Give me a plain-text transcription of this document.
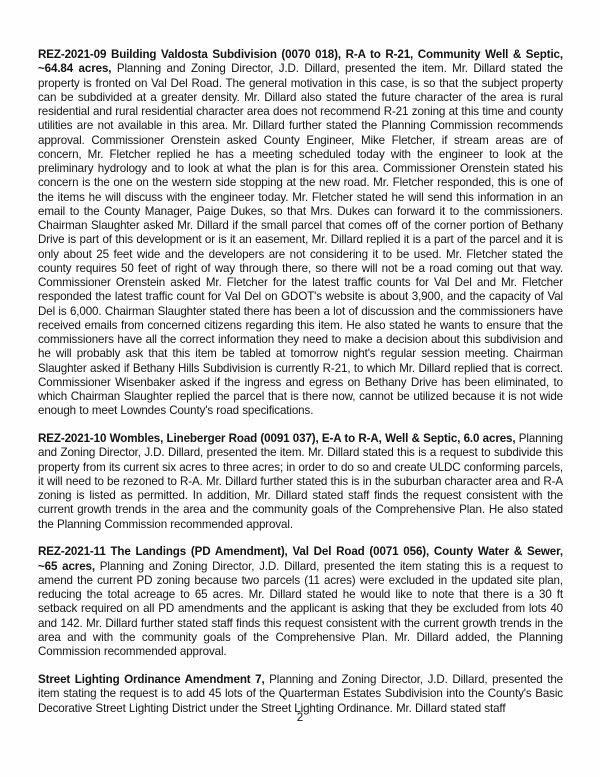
REZ-2021-09 Building Valdosta Subdivision (0070 018), R-A to R-21, Community Well & Septic, ~64.84 acres, Planning and Zoning Director, J.D. Dillard, presented the item. Mr. Dillard stated the property is fronted on Val Del Road. The general motivation in this case, is so that the subject property can be subdivided at a greater density. Mr. Dillard also stated the future character of the area is rural residential and rural residential character area does not recommend R-21 zoning at this time and county utilities are not available in this area. Mr. Dillard further stated the Planning Commission recommends approval. Commissioner Orenstein asked County Engineer, Mike Fletcher, if stream areas are of concern, Mr. Fletcher replied he has a meeting scheduled today with the engineer to look at the preliminary hydrology and to look at what the plan is for this area. Commissioner Orenstein stated his concern is the one on the western side stopping at the new road. Mr. Fletcher responded, this is one of the items he will discuss with the engineer today. Mr. Fletcher stated he will send this information in an email to the County Manager, Paige Dukes, so that Mrs. Dukes can forward it to the commissioners. Chairman Slaughter asked Mr. Dillard if the small parcel that comes off of the corner portion of Bethany Drive is part of this development or is it an easement, Mr. Dillard replied it is a part of the parcel and it is only about 25 feet wide and the developers are not considering it to be used. Mr. Fletcher stated the county requires 50 feet of right of way through there, so there will not be a road coming out that way. Commissioner Orenstein asked Mr. Fletcher for the latest traffic counts for Val Del and Mr. Fletcher responded the latest traffic count for Val Del on GDOT's website is about 3,900, and the capacity of Val Del is 6,000. Chairman Slaughter stated there has been a lot of discussion and the commissioners have received emails from concerned citizens regarding this item. He also stated he wants to ensure that the commissioners have all the correct information they need to make a decision about this subdivision and he will probably ask that this item be tabled at tomorrow night's regular session meeting. Chairman Slaughter asked if Bethany Hills Subdivision is currently R-21, to which Mr. Dillard replied that is correct. Commissioner Wisenbaker asked if the ingress and egress on Bethany Drive has been eliminated, to which Chairman Slaughter replied the parcel that is there now, cannot be utilized because it is not wide enough to meet Lowndes County's road specifications.

REZ-2021-10 Wombles, Lineberger Road (0091 037), E-A to R-A, Well & Septic, 6.0 acres, Planning and Zoning Director, J.D. Dillard, presented the item. Mr. Dillard stated this is a request to subdivide this property from its current six acres to three acres; in order to do so and create ULDC conforming parcels, it will need to be rezoned to R-A. Mr. Dillard further stated this is in the suburban character area and R-A zoning is listed as permitted. In addition, Mr. Dillard stated staff finds the request consistent with the current growth trends in the area and the community goals of the Comprehensive Plan. He also stated the Planning Commission recommended approval.

REZ-2021-11 The Landings (PD Amendment), Val Del Road (0071 056), County Water & Sewer, ~65 acres, Planning and Zoning Director, J.D. Dillard, presented the item stating this is a request to amend the current PD zoning because two parcels (11 acres) were excluded in the updated site plan, reducing the total acreage to 65 acres. Mr. Dillard stated he would like to note that there is a 30 ft setback required on all PD amendments and the applicant is asking that they be excluded from lots 40 and 142. Mr. Dillard further stated staff finds this request consistent with the current growth trends in the area and with the community goals of the Comprehensive Plan. Mr. Dillard added, the Planning Commission recommended approval.

Street Lighting Ordinance Amendment 7, Planning and Zoning Director, J.D. Dillard, presented the item stating the request is to add 45 lots of the Quarterman Estates Subdivision into the County's Basic Decorative Street Lighting District under the Street Lighting Ordinance. Mr. Dillard stated staff

2
